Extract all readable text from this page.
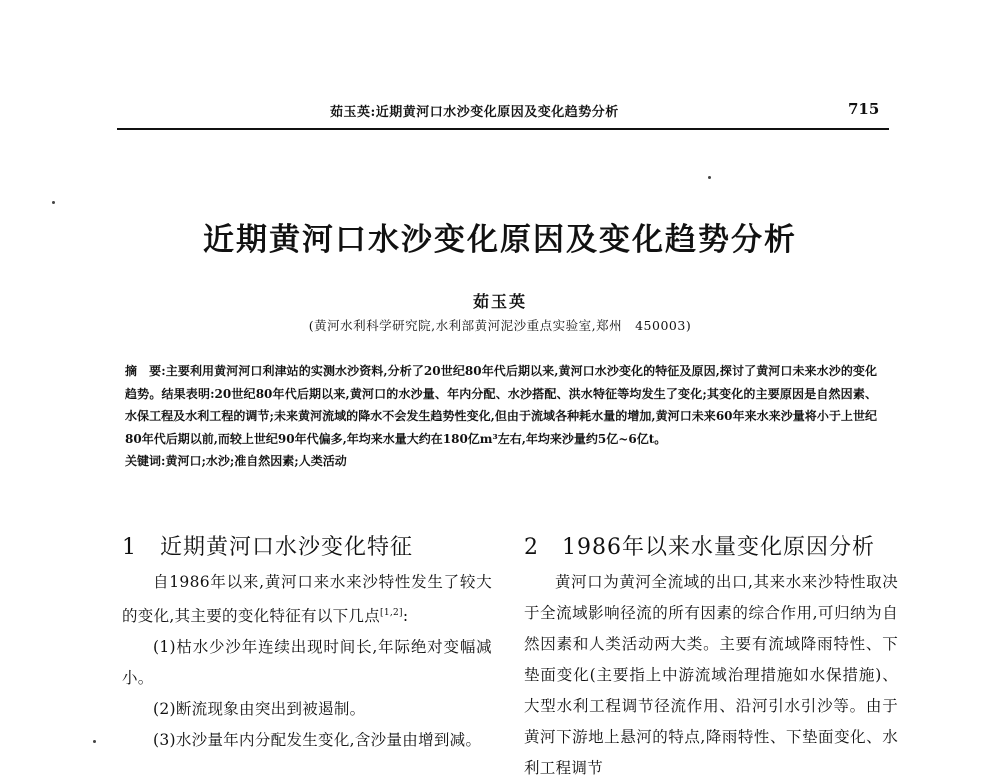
茹玉英:近期黄河口水沙变化原因及变化趋势分析	715
近期黄河口水沙变化原因及变化趋势分析
茹玉英
(黄河水利科学研究院,水利部黄河泥沙重点实验室,郑州　450003)

摘　要:主要利用黄河河口利津站的实测水沙资料,分析了20世纪80年代后期以来,黄河口水沙变化的特征及原因,探讨了黄河口未来水沙的变化趋势。结果表明:20世纪80年代后期以来,黄河口的水沙量、年内分配、水沙搭配、洪水特征等均发生了变化;其变化的主要原因是自然因素、水保工程及水利工程的调节;未来黄河流域的降水不会发生趋势性变化,但由于流域各种耗水量的增加,黄河口未来60年来水来沙量将小于上世纪80年代后期以前,而较上世纪90年代偏多,年均来水量大约在180亿m³左右,年均来沙量约5亿~6亿t。

关键词:黄河口;水沙;准自然因素;人类活动

1　近期黄河口水沙变化特征	2　1986年以来水量变化原因分析

自1986年以来,黄河口来水来沙特性发生了较大的变化,其主要的变化特征有以下几点[1,2]:

(1)枯水少沙年连续出现时间长,年际绝对变幅减小。

(2)断流现象由突出到被遏制。

(3)水沙量年内分配发生变化,含沙量由增到减。

黄河口为黄河全流域的出口,其来水来沙特性取决于全流域影响径流的所有因素的综合作用,可归纳为自然因素和人类活动两大类。主要有流域降雨特性、下垫面变化(主要指上中游流域治理措施如水保措施)、大型水利工程调节径流作用、沿河引水引沙等。由于黄河下游地上悬河的特点,降雨特性、下垫面变化、水利工程调节
